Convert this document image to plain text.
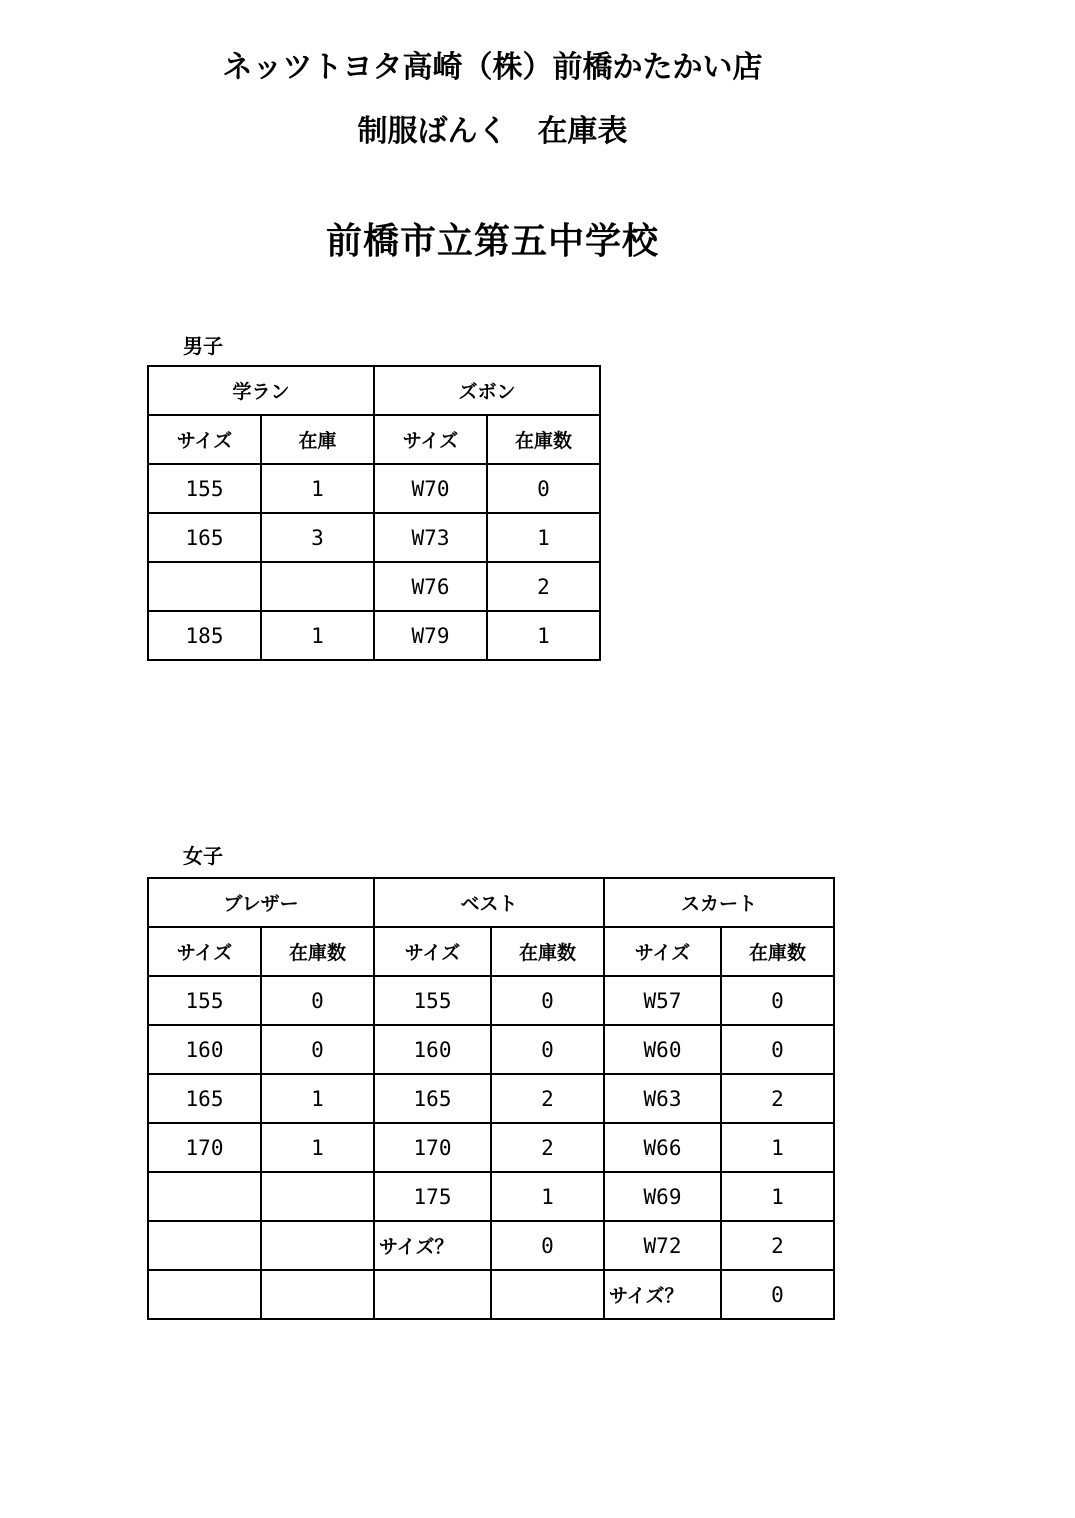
ネッツトヨタ高崎（株）前橋かたかい店
制服ばんく　在庫表
前橋市立第五中学校
男子
学ラン		ズボン	
サイズ	在庫	サイズ	在庫数
155	1	W70	0
165	3	W73	1
		W76	2
185	1	W79	1
女子
ブレザー		ベスト		スカート	
サイズ	在庫数	サイズ	在庫数	サイズ	在庫数
155	0	155	0	W57	0
160	0	160	0	W60	0
165	1	165	2	W63	2
170	1	170	2	W66	1
		175	1	W69	1
		サイズ？	0	W72	2
				サイズ？	0
